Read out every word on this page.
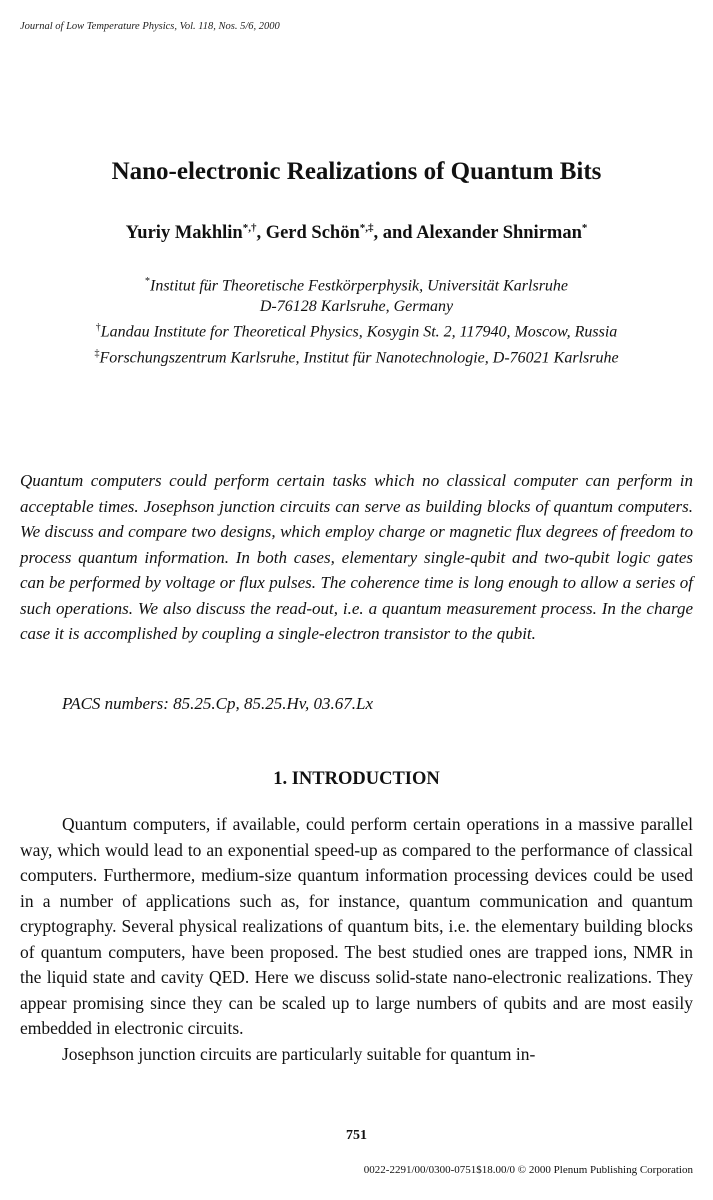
Journal of Low Temperature Physics, Vol. 118, Nos. 5/6, 2000
Nano-electronic Realizations of Quantum Bits
Yuriy Makhlin*,†, Gerd Schön*,‡, and Alexander Shnirman*
*Institut für Theoretische Festkörperphysik, Universität Karlsruhe
D-76128 Karlsruhe, Germany
†Landau Institute for Theoretical Physics, Kosygin St. 2, 117940, Moscow, Russia
‡Forschungszentrum Karlsruhe, Institut für Nanotechnologie, D-76021 Karlsruhe
Quantum computers could perform certain tasks which no classical computer can perform in acceptable times. Josephson junction circuits can serve as building blocks of quantum computers. We discuss and compare two designs, which employ charge or magnetic flux degrees of freedom to process quantum information. In both cases, elementary single-qubit and two-qubit logic gates can be performed by voltage or flux pulses. The coherence time is long enough to allow a series of such operations. We also discuss the read-out, i.e. a quantum measurement process. In the charge case it is accomplished by coupling a single-electron transistor to the qubit.
PACS numbers: 85.25.Cp, 85.25.Hv, 03.67.Lx
1. INTRODUCTION

Quantum computers, if available, could perform certain operations in a massive parallel way, which would lead to an exponential speed-up as compared to the performance of classical computers. Furthermore, medium-size quantum information processing devices could be used in a number of applications such as, for instance, quantum communication and quantum cryptography. Several physical realizations of quantum bits, i.e. the elementary building blocks of quantum computers, have been proposed. The best studied ones are trapped ions, NMR in the liquid state and cavity QED. Here we discuss solid-state nano-electronic realizations. They appear promising since they can be scaled up to large numbers of qubits and are most easily embedded in electronic circuits.

Josephson junction circuits are particularly suitable for quantum in-

751
0022-2291/00/0300-0751$18.00/0 © 2000 Plenum Publishing Corporation
